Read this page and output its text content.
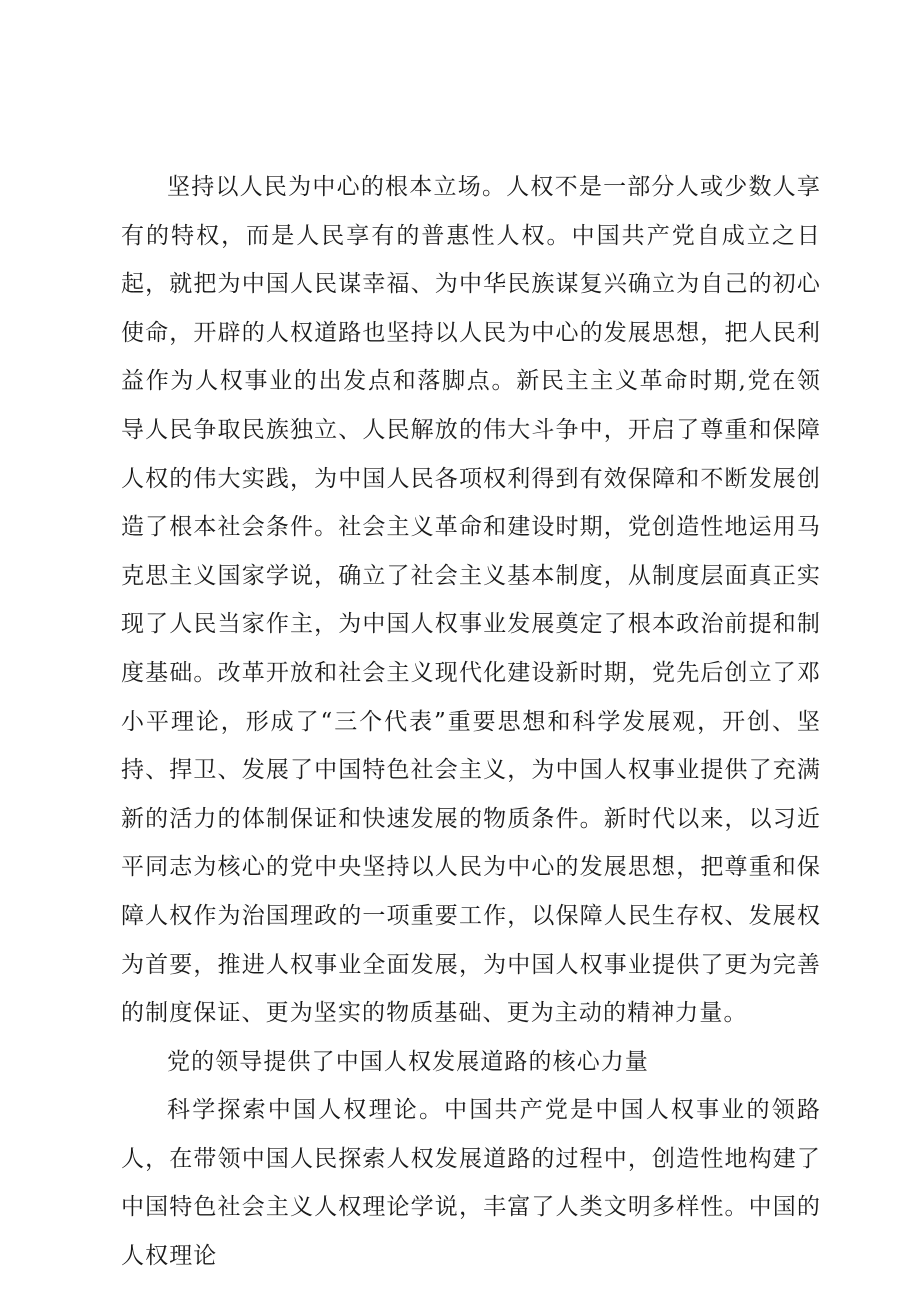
坚持以人民为中心的根本立场。人权不是一部分人或少数人享有的特权，而是人民享有的普惠性人权。中国共产党自成立之日起，就把为中国人民谋幸福、为中华民族谋复兴确立为自己的初心使命，开辟的人权道路也坚持以人民为中心的发展思想，把人民利益作为人权事业的出发点和落脚点。新民主主义革命时期,党在领导人民争取民族独立、人民解放的伟大斗争中，开启了尊重和保障人权的伟大实践，为中国人民各项权利得到有效保障和不断发展创造了根本社会条件。社会主义革命和建设时期，党创造性地运用马克思主义国家学说，确立了社会主义基本制度，从制度层面真正实现了人民当家作主，为中国人权事业发展奠定了根本政治前提和制度基础。改革开放和社会主义现代化建设新时期，党先后创立了邓小平理论，形成了“三个代表”重要思想和科学发展观，开创、坚持、捍卫、发展了中国特色社会主义，为中国人权事业提供了充满新的活力的体制保证和快速发展的物质条件。新时代以来，以习近平同志为核心的党中央坚持以人民为中心的发展思想，把尊重和保障人权作为治国理政的一项重要工作，以保障人民生存权、发展权为首要，推进人权事业全面发展，为中国人权事业提供了更为完善的制度保证、更为坚实的物质基础、更为主动的精神力量。

党的领导提供了中国人权发展道路的核心力量

科学探索中国人权理论。中国共产党是中国人权事业的领路人，在带领中国人民探索人权发展道路的过程中，创造性地构建了中国特色社会主义人权理论学说，丰富了人类文明多样性。中国的人权理论
